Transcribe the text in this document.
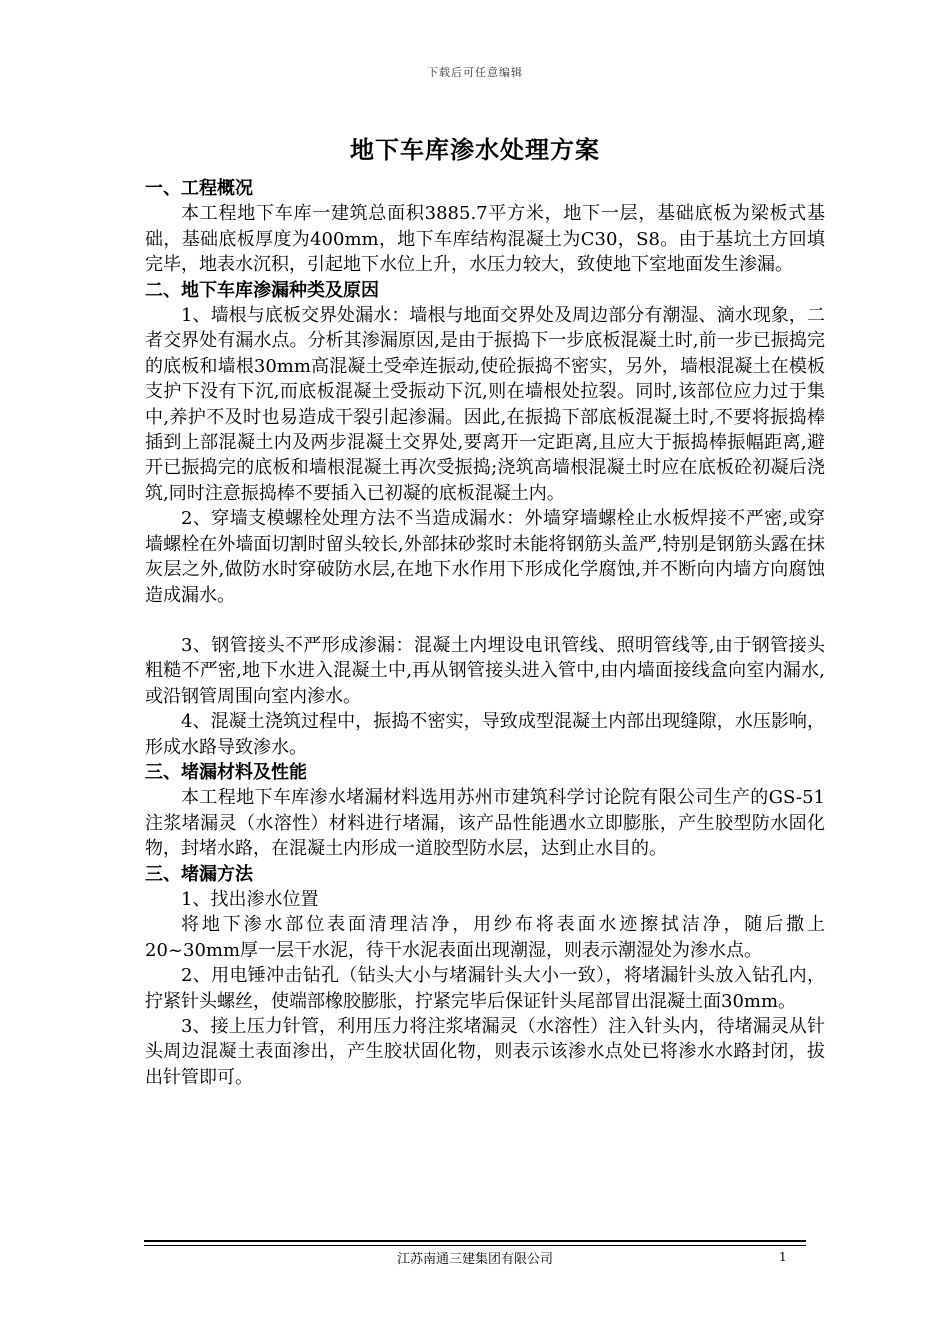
下载后可任意编辑
地下车库渗水处理方案
一、工程概况
本工程地下车库一建筑总面积3885.7平方米，地下一层，基础底板为梁板式基础，基础底板厚度为400mm，地下车库结构混凝土为C30，S8。由于基坑土方回填完毕，地表水沉积，引起地下水位上升，水压力较大，致使地下室地面发生渗漏。
二、地下车库渗漏种类及原因
1、墙根与底板交界处漏水：墙根与地面交界处及周边部分有潮湿、滴水现象，二者交界处有漏水点。分析其渗漏原因,是由于振捣下一步底板混凝土时,前一步已振捣完的底板和墙根30mm高混凝土受牵连振动,使砼振捣不密实，另外，墙根混凝土在模板支护下没有下沉,而底板混凝土受振动下沉,则在墙根处拉裂。同时,该部位应力过于集中,养护不及时也易造成干裂引起渗漏。因此,在振捣下部底板混凝土时,不要将振捣棒插到上部混凝土内及两步混凝土交界处,要离开一定距离,且应大于振捣棒振幅距离,避开已振捣完的底板和墙根混凝土再次受振捣;浇筑高墙根混凝土时应在底板砼初凝后浇筑,同时注意振捣棒不要插入已初凝的底板混凝土内。
2、穿墙支模螺栓处理方法不当造成漏水：外墙穿墙螺栓止水板焊接不严密,或穿墙螺栓在外墙面切割时留头较长,外部抹砂浆时未能将钢筋头盖严,特别是钢筋头露在抹灰层之外,做防水时穿破防水层,在地下水作用下形成化学腐蚀,并不断向内墙方向腐蚀造成漏水。
3、钢管接头不严形成渗漏：混凝土内埋设电讯管线、照明管线等,由于钢管接头粗糙不严密,地下水进入混凝土中,再从钢管接头进入管中,由内墙面接线盒向室内漏水,或沿钢管周围向室内渗水。
4、混凝土浇筑过程中，振捣不密实，导致成型混凝土内部出现缝隙，水压影响，形成水路导致渗水。
三、堵漏材料及性能
本工程地下车库渗水堵漏材料选用苏州市建筑科学讨论院有限公司生产的GS-51注浆堵漏灵（水溶性）材料进行堵漏，该产品性能遇水立即膨胀，产生胶型防水固化物，封堵水路，在混凝土内形成一道胶型防水层，达到止水目的。
三、堵漏方法
1、找出渗水位置
将地下渗水部位表面清理洁净，用纱布将表面水迹擦拭洁净，随后撒上20~30mm厚一层干水泥，待干水泥表面出现潮湿，则表示潮湿处为渗水点。
2、用电锤冲击钻孔（钻头大小与堵漏针头大小一致），将堵漏针头放入钻孔内，拧紧针头螺丝，使端部橡胶膨胀，拧紧完毕后保证针头尾部冒出混凝土面30mm。
3、接上压力针管，利用压力将注浆堵漏灵（水溶性）注入针头内，待堵漏灵从针头周边混凝土表面渗出，产生胶状固化物，则表示该渗水点处已将渗水水路封闭，拔出针管即可。
江苏南通三建集团有限公司	1
